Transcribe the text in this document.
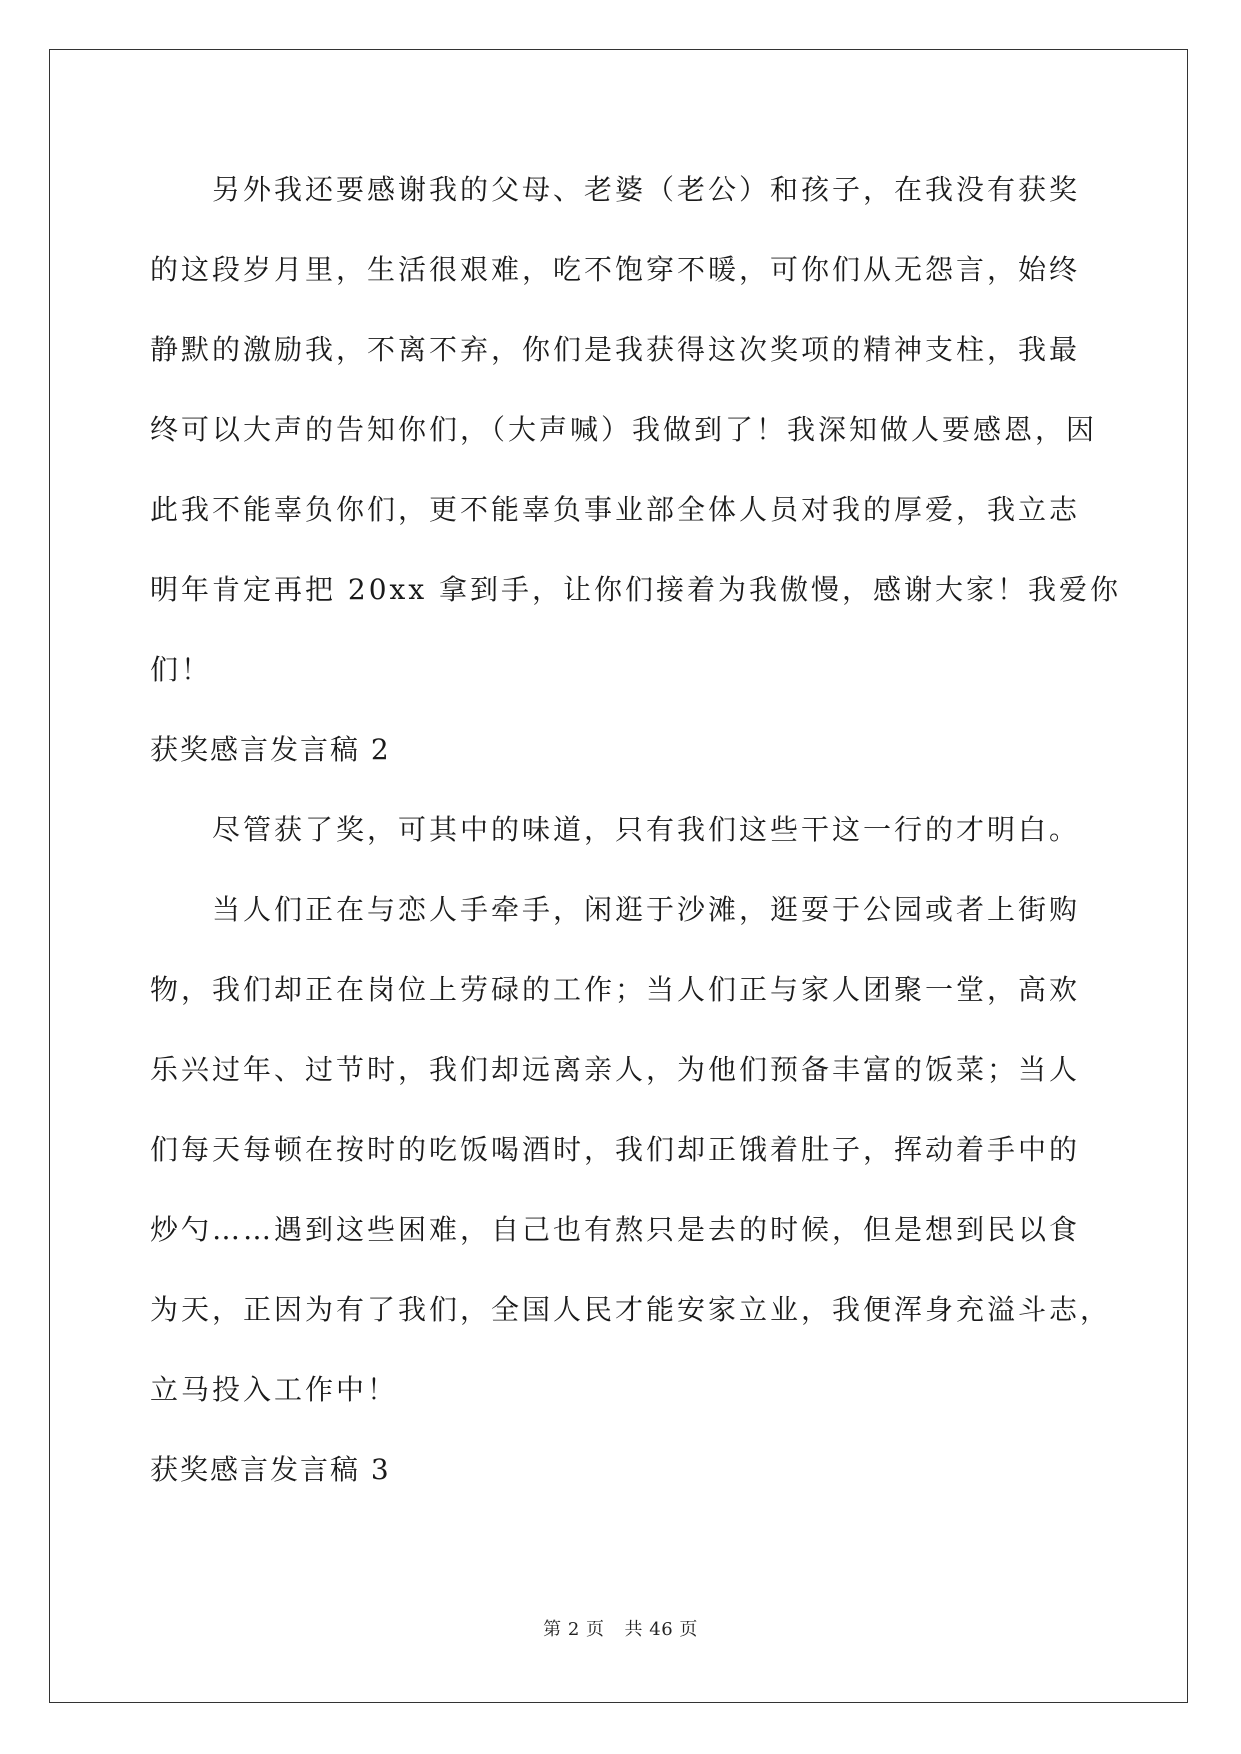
另外我还要感谢我的父母、老婆（老公）和孩子，在我没有获奖
的这段岁月里，生活很艰难，吃不饱穿不暖，可你们从无怨言，始终
静默的激励我，不离不弃，你们是我获得这次奖项的精神支柱，我最
终可以大声的告知你们，（大声喊）我做到了！我深知做人要感恩，因
此我不能辜负你们，更不能辜负事业部全体人员对我的厚爱，我立志
明年肯定再把 20xx 拿到手，让你们接着为我傲慢，感谢大家！我爱你
们！
获奖感言发言稿 2
尽管获了奖，可其中的味道，只有我们这些干这一行的才明白。
当人们正在与恋人手牵手，闲逛于沙滩，逛耍于公园或者上街购
物，我们却正在岗位上劳碌的工作；当人们正与家人团聚一堂，高欢
乐兴过年、过节时，我们却远离亲人，为他们预备丰富的饭菜；当人
们每天每顿在按时的吃饭喝酒时，我们却正饿着肚子，挥动着手中的
炒勺……遇到这些困难，自己也有熬只是去的时候，但是想到民以食
为天，正因为有了我们，全国人民才能安家立业，我便浑身充溢斗志，
立马投入工作中！
获奖感言发言稿 3
第 2 页 共 46 页
